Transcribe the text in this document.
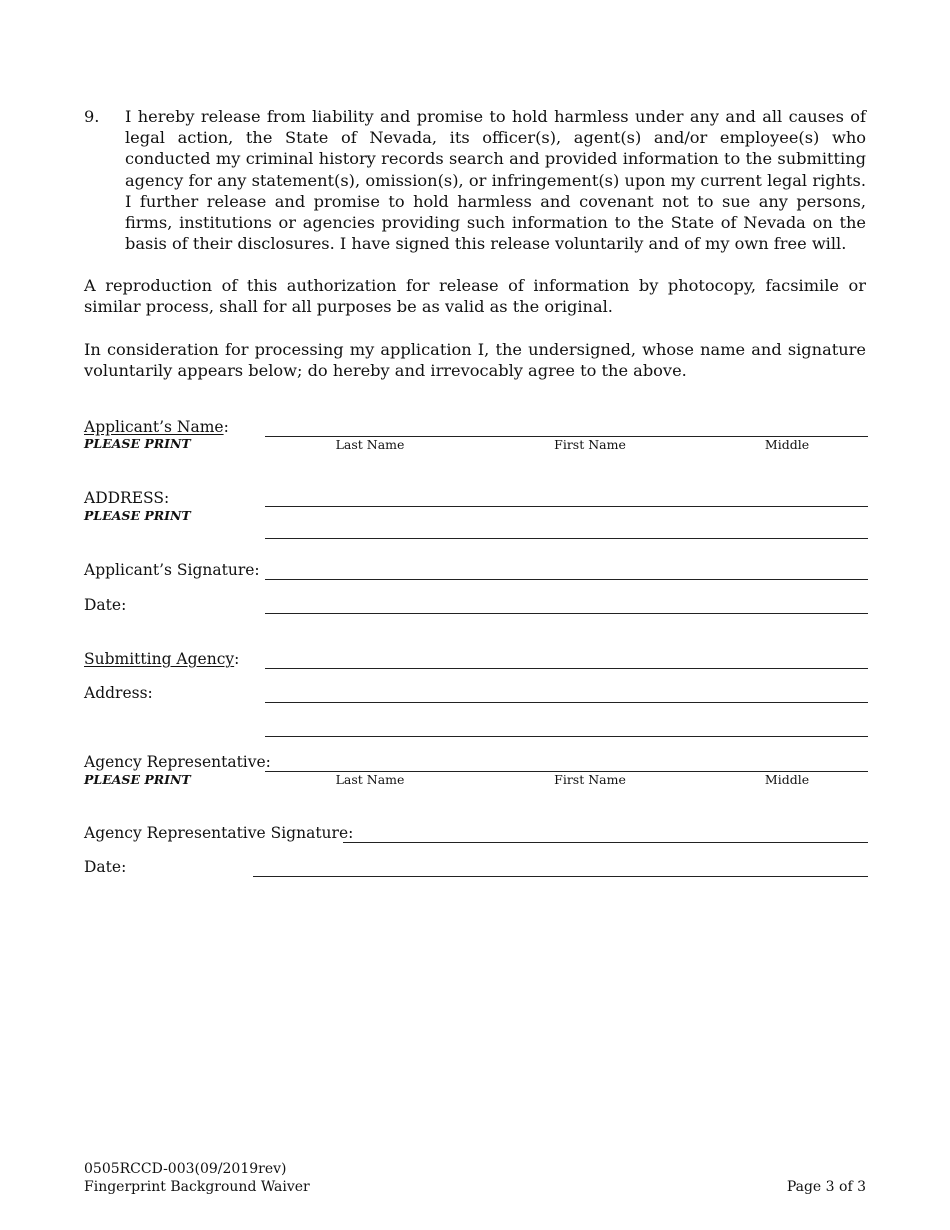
9. I hereby release from liability and promise to hold harmless under any and all causes of legal action, the State of Nevada, its officer(s), agent(s) and/or employee(s) who conducted my criminal history records search and provided information to the submitting agency for any statement(s), omission(s), or infringement(s) upon my current legal rights. I further release and promise to hold harmless and covenant not to sue any persons, firms, institutions or agencies providing such information to the State of Nevada on the basis of their disclosures. I have signed this release voluntarily and of my own free will.

A reproduction of this authorization for release of information by photocopy, facsimile or similar process, shall for all purposes be as valid as the original.

In consideration for processing my application I, the undersigned, whose name and signature voluntarily appears below; do hereby and irrevocably agree to the above.

Applicant’s Name:
PLEASE PRINT	Last Name	First Name	Middle
ADDRESS:
PLEASE PRINT
Applicant’s Signature:
Date:
Submitting Agency:
Address:
Agency Representative:
PLEASE PRINT	Last Name	First Name	Middle
Agency Representative Signature:
Date:
0505RCCD-003(09/2019rev)
Fingerprint Background Waiver	Page 3 of 3
